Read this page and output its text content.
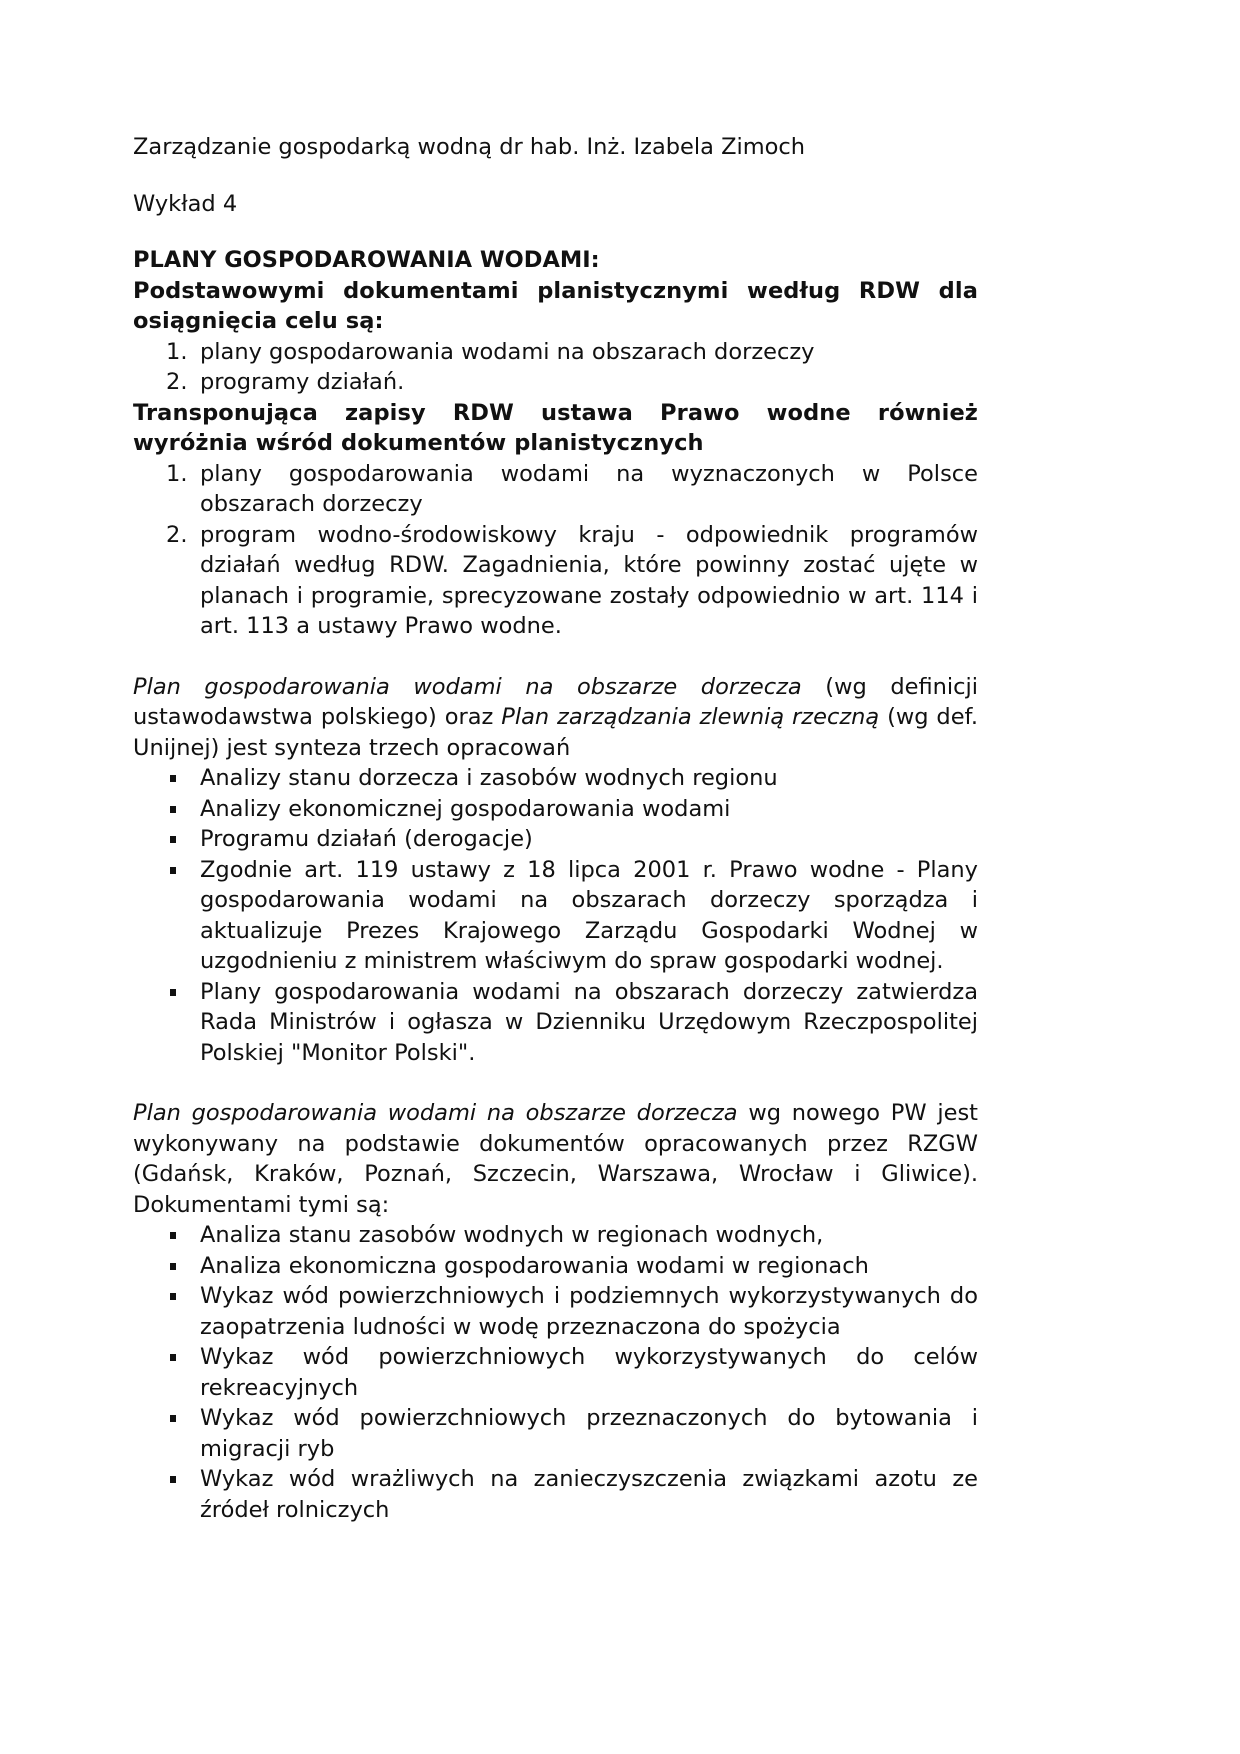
Zarządzanie gospodarką wodną dr hab. Inż. Izabela Zimoch

Wykład 4

PLANY GOSPODAROWANIA WODAMI:

Podstawowymi dokumentami planistycznymi według RDW dla osiągnięcia celu są:

1. plany gospodarowania wodami na obszarach dorzeczy
2. programy działań.

Transponująca zapisy RDW ustawa Prawo wodne również wyróżnia wśród dokumentów planistycznych

1. plany gospodarowania wodami na wyznaczonych w Polsce obszarach dorzeczy
2. program wodno-środowiskowy kraju - odpowiednik programów działań według RDW. Zagadnienia, które powinny zostać ujęte w planach i programie, sprecyzowane zostały odpowiednio w art. 114 i art. 113 a ustawy Prawo wodne.

Plan gospodarowania wodami na obszarze dorzecza (wg definicji ustawodawstwa polskiego) oraz Plan zarządzania zlewnią rzeczną (wg def. Unijnej) jest synteza trzech opracowań

Analizy stanu dorzecza i zasobów wodnych regionu
Analizy ekonomicznej gospodarowania wodami
Programu działań (derogacje)
Zgodnie art. 119 ustawy z 18 lipca 2001 r. Prawo wodne - Plany gospodarowania wodami na obszarach dorzeczy sporządza i aktualizuje Prezes Krajowego Zarządu Gospodarki Wodnej w uzgodnieniu z ministrem właściwym do spraw gospodarki wodnej.
Plany gospodarowania wodami na obszarach dorzeczy zatwierdza Rada Ministrów i ogłasza w Dzienniku Urzędowym Rzeczpospolitej Polskiej "Monitor Polski".

Plan gospodarowania wodami na obszarze dorzecza wg nowego PW jest wykonywany na podstawie dokumentów opracowanych przez RZGW (Gdańsk, Kraków, Poznań, Szczecin, Warszawa, Wrocław i Gliwice). Dokumentami tymi są:

Analiza stanu zasobów wodnych w regionach wodnych,
Analiza ekonomiczna gospodarowania wodami w regionach
Wykaz wód powierzchniowych i podziemnych wykorzystywanych do zaopatrzenia ludności w wodę przeznaczona do spożycia
Wykaz wód powierzchniowych wykorzystywanych do celów rekreacyjnych
Wykaz wód powierzchniowych przeznaczonych do bytowania i migracji ryb
Wykaz wód wrażliwych na zanieczyszczenia związkami azotu ze źródeł rolniczych
